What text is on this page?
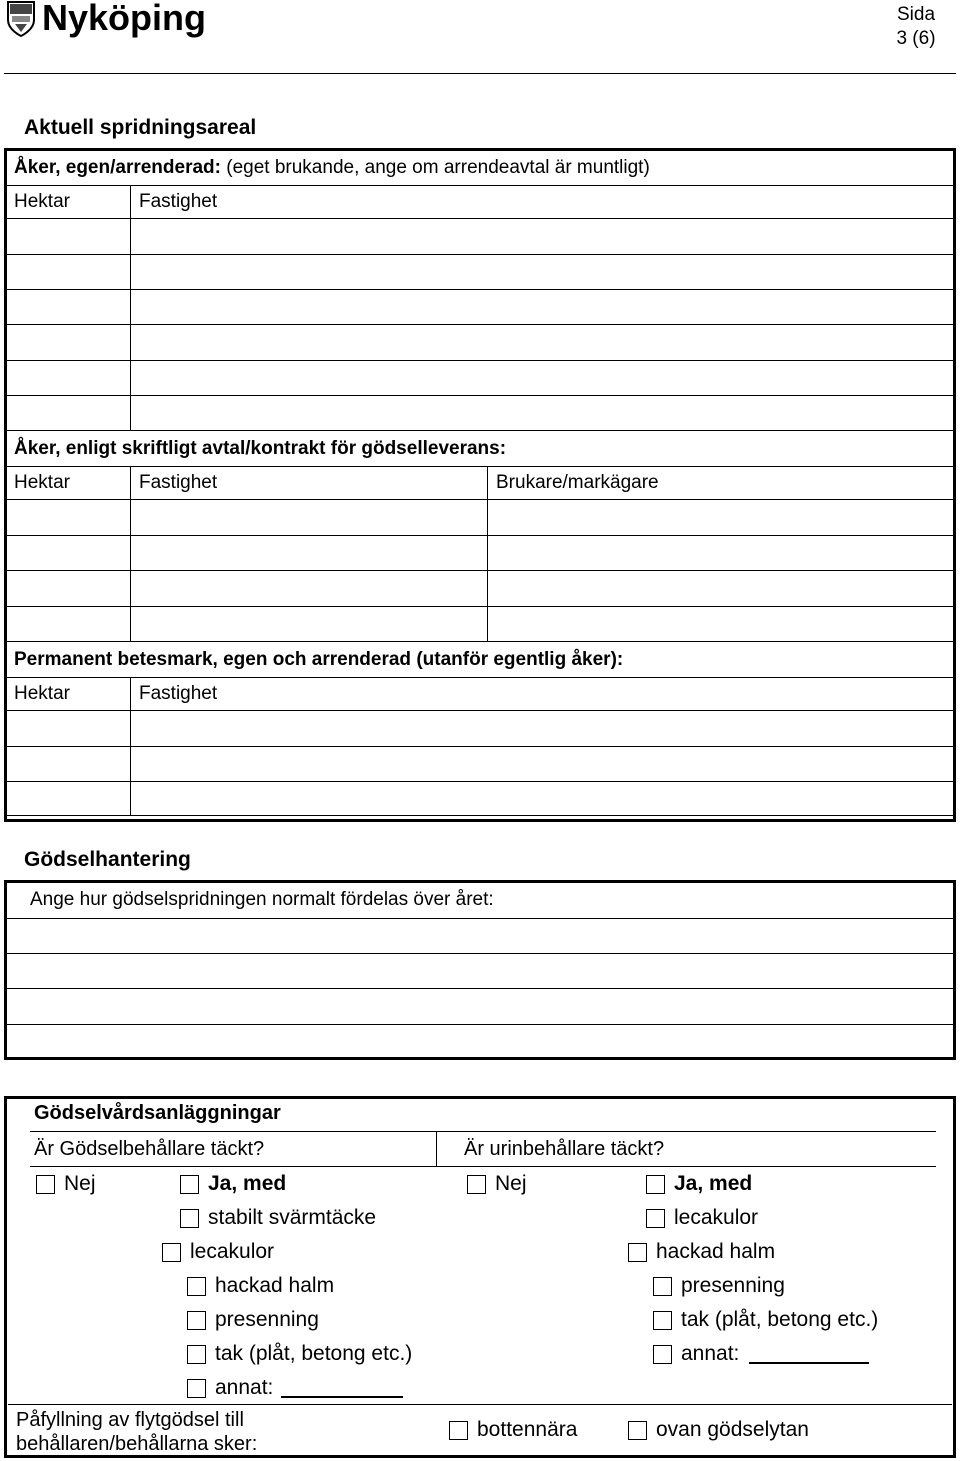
Nyköping	Sida
3 (6)
Aktuell spridningsareal
Åker, egen/arrenderad: (eget brukande, ange om arrendeavtal är muntligt)		
Hektar	Fastighet	

Åker, enligt skriftligt avtal/kontrakt för gödselleverans:		
Hektar	Fastighet	Brukare/markägare

Permanent betesmark, egen och arrenderad (utanför egentlig åker):		
Hektar	Fastighet	

Gödselhantering
Ange hur gödselspridningen normalt fördelas över året:

Gödselvårdsanläggningar
Är Gödselbehållare täckt?	Är urinbehållare täckt?
Nej	Ja, med
stabilt svärmtäcke
lecakulor
hackad halm
presenning
tak (plåt, betong etc.)
annat:
Nej	Ja, med
lecakulor
hackad halm
presenning
tak (plåt, betong etc.)
annat:
Påfyllning av flytgödsel till behållaren/behållarna sker:
bottennära	ovan gödselytan
